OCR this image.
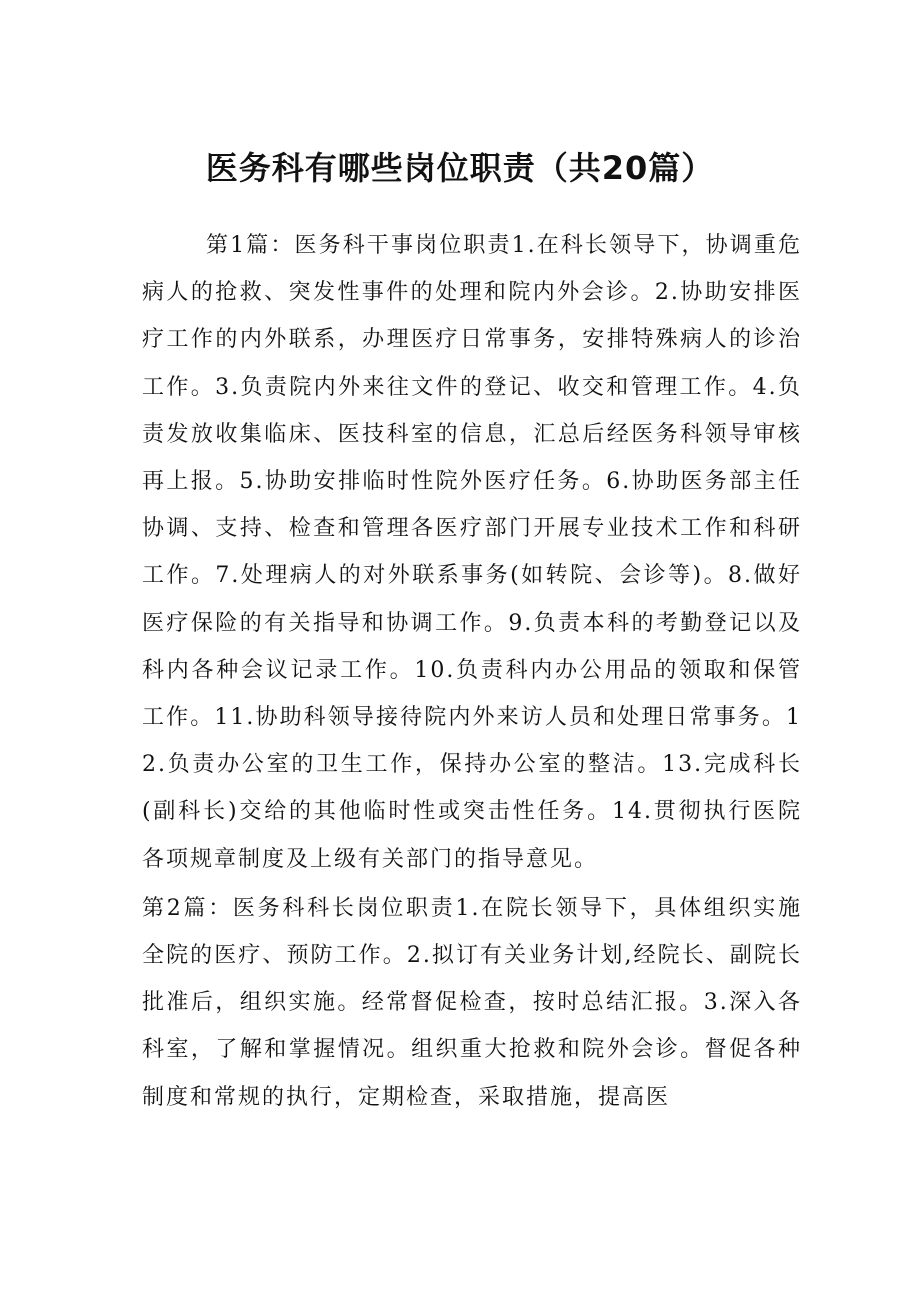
医务科有哪些岗位职责（共20篇）

第1篇：医务科干事岗位职责1.在科长领导下，协调重危病人的抢救、突发性事件的处理和院内外会诊。2.协助安排医疗工作的内外联系，办理医疗日常事务，安排特殊病人的诊治工作。3.负责院内外来往文件的登记、收交和管理工作。4.负责发放收集临床、医技科室的信息，汇总后经医务科领导审核再上报。5.协助安排临时性院外医疗任务。6.协助医务部主任协调、支持、检查和管理各医疗部门开展专业技术工作和科研工作。7.处理病人的对外联系事务(如转院、会诊等)。8.做好医疗保险的有关指导和协调工作。9.负责本科的考勤登记以及科内各种会议记录工作。10.负责科内办公用品的领取和保管工作。11.协助科领导接待院内外来访人员和处理日常事务。12.负责办公室的卫生工作，保持办公室的整洁。13.完成科长(副科长)交给的其他临时性或突击性任务。14.贯彻执行医院各项规章制度及上级有关部门的指导意见。

第2篇：医务科科长岗位职责1.在院长领导下，具体组织实施全院的医疗、预防工作。2.拟订有关业务计划,经院长、副院长批准后，组织实施。经常督促检查，按时总结汇报。3.深入各科室，了解和掌握情况。组织重大抢救和院外会诊。督促各种制度和常规的执行，定期检查，采取措施，提高医
